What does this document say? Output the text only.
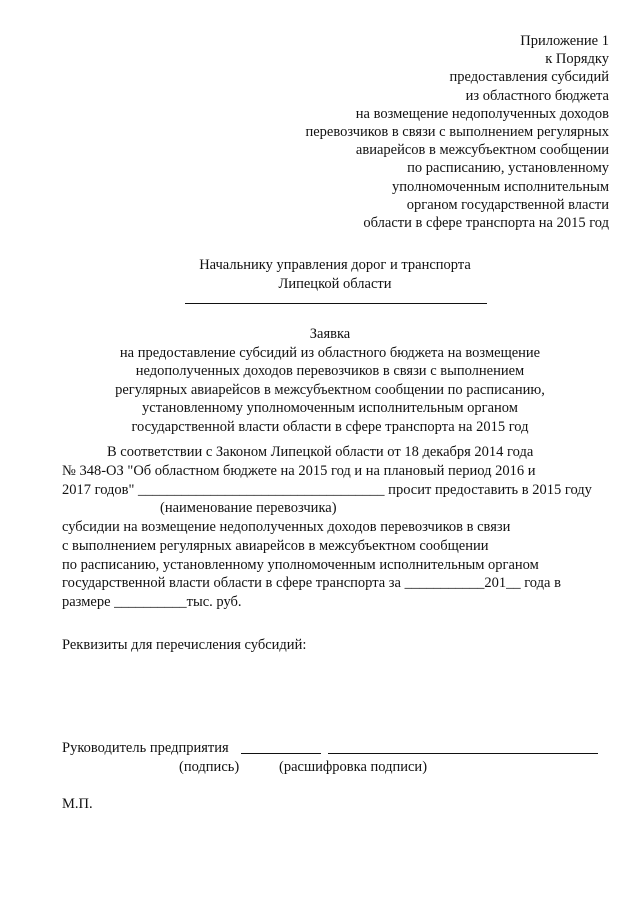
Приложение 1
к Порядку
предоставления субсидий
из областного бюджета
на возмещение недополученных доходов
перевозчиков в связи с выполнением регулярных
авиарейсов в межсубъектном сообщении
по расписанию, установленному
уполномоченным исполнительным
органом государственной власти
области в сфере транспорта на 2015 год
Начальнику управления дорог и транспорта
Липецкой области
Заявка
на предоставление субсидий из областного бюджета на возмещение
недополученных доходов перевозчиков в связи с выполнением
регулярных авиарейсов в межсубъектном сообщении по расписанию,
установленному уполномоченным исполнительным органом
государственной власти области в сфере транспорта на 2015 год
В соответствии с Законом Липецкой области от 18 декабря 2014 года
№ 348-ОЗ "Об областном бюджете на 2015 год и на плановый период 2016 и
2017 годов" __________________________________ просит предоставить в 2015 году
(наименование перевозчика)
субсидии на возмещение недополученных доходов перевозчиков в связи
с выполнением регулярных авиарейсов в межсубъектном сообщении
по расписанию, установленному уполномоченным исполнительным органом
государственной власти области в сфере транспорта за ___________201__ года в
размере __________тыс. руб.
Реквизиты для перечисления субсидий:
Руководитель предприятия
(подпись)	(расшифровка подписи)
М.П.
